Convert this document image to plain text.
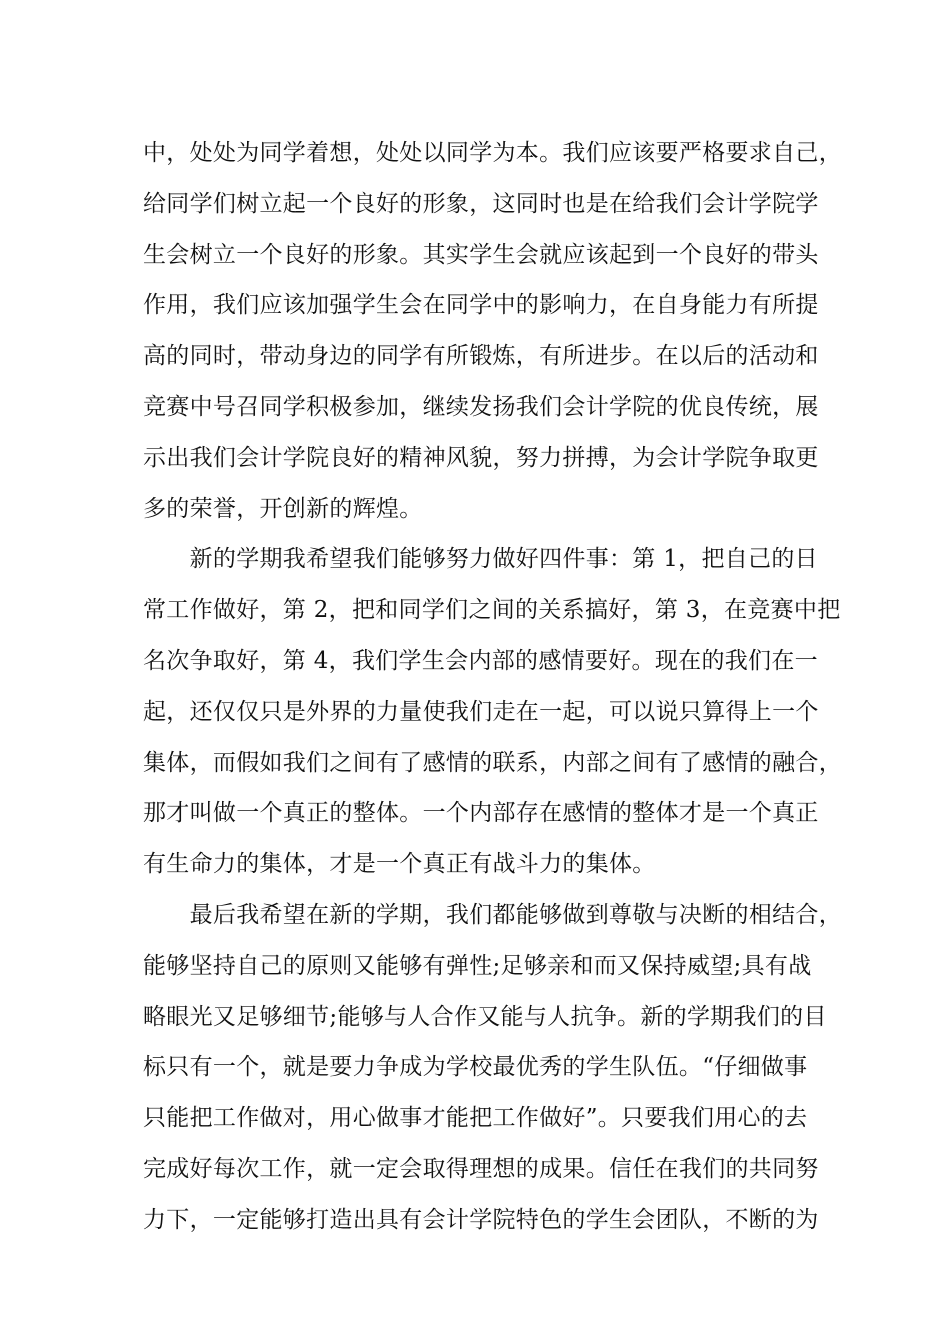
中，处处为同学着想，处处以同学为本。我们应该要严格要求自己，
给同学们树立起一个良好的形象，这同时也是在给我们会计学院学
生会树立一个良好的形象。其实学生会就应该起到一个良好的带头
作用，我们应该加强学生会在同学中的影响力，在自身能力有所提
高的同时，带动身边的同学有所锻炼，有所进步。在以后的活动和
竞赛中号召同学积极参加，继续发扬我们会计学院的优良传统，展
示出我们会计学院良好的精神风貌，努力拼搏，为会计学院争取更
多的荣誉，开创新的辉煌。
　　新的学期我希望我们能够努力做好四件事：第 1，把自己的日
常工作做好，第 2，把和同学们之间的关系搞好，第 3，在竞赛中把
名次争取好，第 4，我们学生会内部的感情要好。现在的我们在一
起，还仅仅只是外界的力量使我们走在一起，可以说只算得上一个
集体，而假如我们之间有了感情的联系，内部之间有了感情的融合，
那才叫做一个真正的整体。一个内部存在感情的整体才是一个真正
有生命力的集体，才是一个真正有战斗力的集体。
　　最后我希望在新的学期，我们都能够做到尊敬与决断的相结合，
能够坚持自己的原则又能够有弹性;足够亲和而又保持威望;具有战
略眼光又足够细节;能够与人合作又能与人抗争。新的学期我们的目
标只有一个，就是要力争成为学校最优秀的学生队伍。“仔细做事
只能把工作做对，用心做事才能把工作做好”。只要我们用心的去
完成好每次工作，就一定会取得理想的成果。信任在我们的共同努
力下，一定能够打造出具有会计学院特色的学生会团队，不断的为
